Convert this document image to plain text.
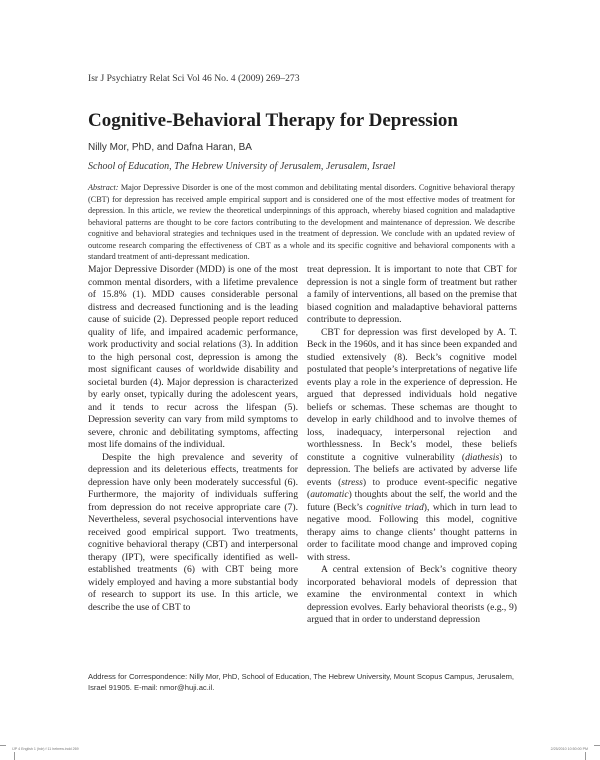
Isr J Psychiatry Relat Sci Vol 46 No. 4 (2009) 269–273
Cognitive-Behavioral Therapy for Depression
Nilly Mor, PhD, and Dafna Haran, BA
School of Education, The Hebrew University of Jerusalem, Jerusalem, Israel

Abstract: Major Depressive Disorder is one of the most common and debilitating mental disorders. Cognitive behavioral therapy (CBT) for depression has received ample empirical support and is considered one of the most effective modes of treatment for depression. In this article, we review the theoretical underpinnings of this approach, whereby biased cognition and maladaptive behavioral patterns are thought to be core factors contributing to the development and maintenance of depression. We describe cognitive and behavioral strategies and techniques used in the treatment of depression. We conclude with an updated review of outcome research comparing the effectiveness of CBT as a whole and its specific cognitive and behavioral components with a standard treatment of anti-depressant medication.

Major Depressive Disorder (MDD) is one of the most common mental disorders, with a lifetime prevalence of 15.8% (1). MDD causes considerable personal distress and decreased functioning and is the leading cause of suicide (2). Depressed people report reduced quality of life, and impaired academic performance, work productivity and social relations (3). In addition to the high personal cost, depression is among the most significant causes of worldwide disability and societal burden (4). Major depression is characterized by early onset, typically during the adolescent years, and it tends to recur across the lifespan (5). Depression severity can vary from mild symptoms to severe, chronic and debilitating symptoms, affecting most life domains of the individual.

Despite the high prevalence and severity of depression and its deleterious effects, treatments for depression have only been moderately successful (6). Furthermore, the majority of individuals suffering from depression do not receive appropriate care (7). Nevertheless, several psychosocial interventions have received good empirical support. Two treatments, cognitive behavioral therapy (CBT) and interpersonal therapy (IPT), were specifically identified as well-established treatments (6) with CBT being more widely employed and having a more substantial body of research to support its use. In this article, we describe the use of CBT to

treat depression. It is important to note that CBT for depression is not a single form of treatment but rather a family of interventions, all based on the premise that biased cognition and maladaptive behavioral patterns contribute to depression.

CBT for depression was first developed by A. T. Beck in the 1960s, and it has since been expanded and studied extensively (8). Beck’s cognitive model postulated that people’s interpretations of negative life events play a role in the experience of depression. He argued that depressed individuals hold negative beliefs or schemas. These schemas are thought to develop in early childhood and to involve themes of loss, inadequacy, interpersonal rejection and worthlessness. In Beck’s model, these beliefs constitute a cognitive vulnerability (diathesis) to depression. The beliefs are activated by adverse life events (stress) to produce event-specific negative (automatic) thoughts about the self, the world and the future (Beck’s cognitive triad), which in turn lead to negative mood. Following this model, cognitive therapy aims to change clients’ thought patterns in order to facilitate mood change and improved coping with stress.

A central extension of Beck’s cognitive theory incorporated behavioral models of depression that examine the environmental context in which depression evolves. Early behavioral theorists (e.g., 9) argued that in order to understand depression

Address for Correspondence: Nilly Mor, PhD, School of Education, The Hebrew University, Mount Scopus Campus, Jerusalem, Israel 91905. E-mail: nmor@huji.ac.il.

IJP 4 English 1 (hdr) f 11 hebrew.indd 269	2/25/2010 10:50:00 PM
